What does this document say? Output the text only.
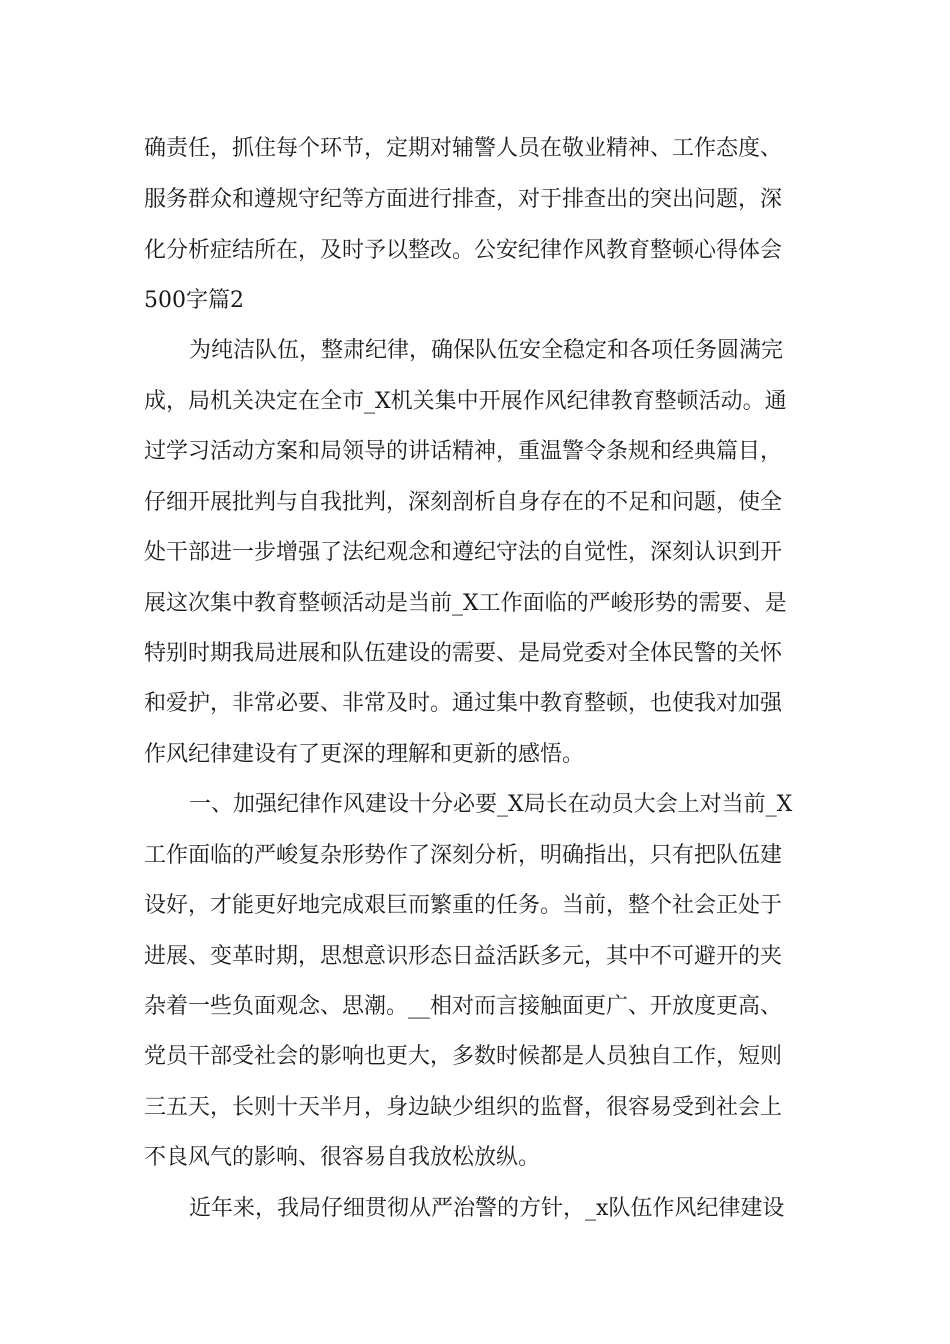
确责任，抓住每个环节，定期对辅警人员在敬业精神、工作态度、
服务群众和遵规守纪等方面进行排查，对于排查出的突出问题，深
化分析症结所在，及时予以整改。公安纪律作风教育整顿心得体会
500字篇2
为纯洁队伍，整肃纪律，确保队伍安全稳定和各项任务圆满完
成，局机关决定在全市_X机关集中开展作风纪律教育整顿活动。通
过学习活动方案和局领导的讲话精神，重温警令条规和经典篇目，
仔细开展批判与自我批判，深刻剖析自身存在的不足和问题，使全
处干部进一步增强了法纪观念和遵纪守法的自觉性，深刻认识到开
展这次集中教育整顿活动是当前_X工作面临的严峻形势的需要、是
特别时期我局进展和队伍建设的需要、是局党委对全体民警的关怀
和爱护，非常必要、非常及时。通过集中教育整顿，也使我对加强
作风纪律建设有了更深的理解和更新的感悟。
一、加强纪律作风建设十分必要_X局长在动员大会上对当前_X
工作面临的严峻复杂形势作了深刻分析，明确指出，只有把队伍建
设好，才能更好地完成艰巨而繁重的任务。当前，整个社会正处于
进展、变革时期，思想意识形态日益活跃多元，其中不可避开的夹
杂着一些负面观念、思潮。__相对而言接触面更广、开放度更高、
党员干部受社会的影响也更大，多数时候都是人员独自工作，短则
三五天，长则十天半月，身边缺少组织的监督，很容易受到社会上
不良风气的影响、很容易自我放松放纵。
近年来，我局仔细贯彻从严治警的方针，_x队伍作风纪律建设
